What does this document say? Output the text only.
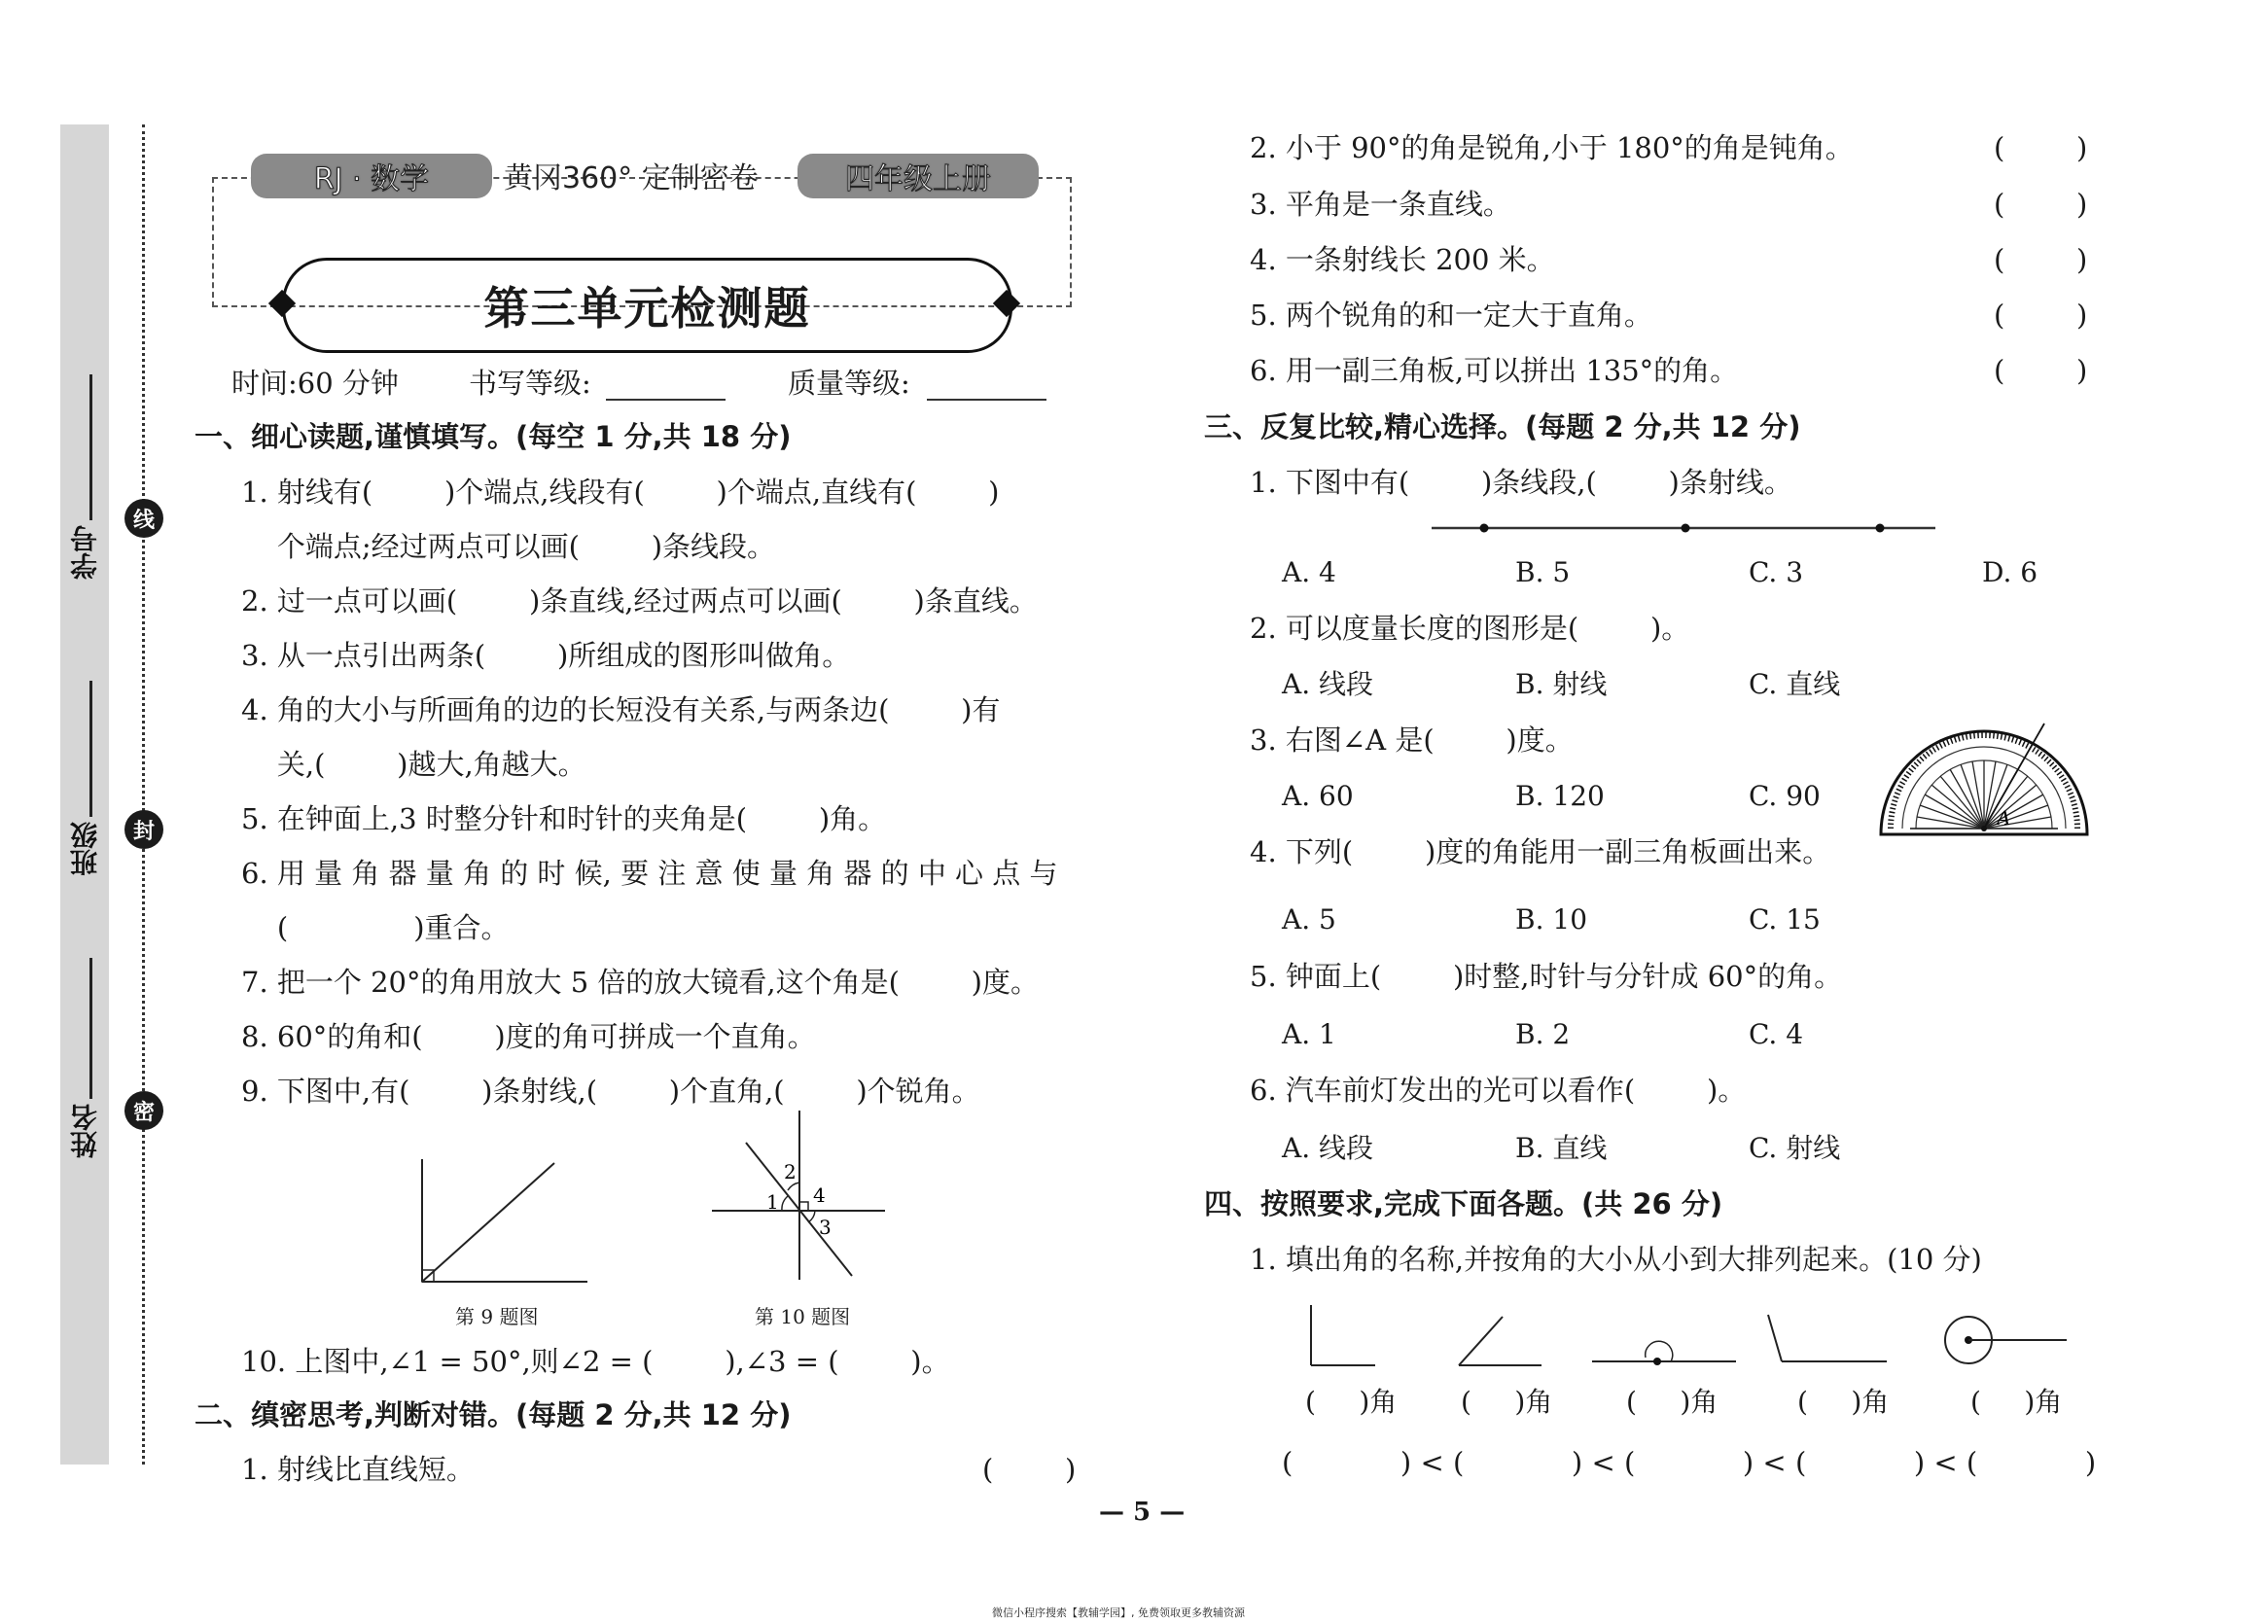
学号
班级
姓名
线
封
密
RJ · 数学	黄冈360° 定制密卷	四年级上册
第三单元检测题
时间:60 分钟 书写等级:	质量等级:
一、细心读题,谨慎填写。(每空 1 分,共 18 分)
1. 射线有(        )个端点,线段有(        )个端点,直线有(        )
个端点;经过两点可以画(        )条线段。
2. 过一点可以画(        )条直线,经过两点可以画(        )条直线。
3. 从一点引出两条(        )所组成的图形叫做角。
4. 角的大小与所画角的边的长短没有关系,与两条边(        )有
关,(        )越大,角越大。
5. 在钟面上,3 时整分针和时针的夹角是(        )角。
6. 用 量 角 器 量 角 的 时 候, 要 注 意 使 量 角 器 的 中 心 点 与
(              )重合。
7. 把一个 20°的角用放大 5 倍的放大镜看,这个角是(        )度。
8. 60°的角和(        )度的角可拼成一个直角。
9. 下图中,有(        )条射线,(        )个直角,(        )个锐角。
第 9 题图
1
2
3
4
第 10 题图
10. 上图中,∠1 = 50°,则∠2 = (        ),∠3 = (        )。
二、缜密思考,判断对错。(每题 2 分,共 12 分)
1. 射线比直线短。	(        )
2. 小于 90°的角是锐角,小于 180°的角是钝角。	(        )
3. 平角是一条直线。	(        )
4. 一条射线长 200 米。	(        )
5. 两个锐角的和一定大于直角。	(        )
6. 用一副三角板,可以拼出 135°的角。	(        )
三、反复比较,精心选择。(每题 2 分,共 12 分)
1. 下图中有(        )条线段,(        )条射线。
A. 4	B. 5	C. 3	D. 6
2. 可以度量长度的图形是(        )。
A. 线段	B. 射线	C. 直线
3. 右图∠A 是(        )度。
A. 60	B. 120	C. 90
A
4. 下列(        )度的角能用一副三角板画出来。
A. 5	B. 10	C. 15
5. 钟面上(        )时整,时针与分针成 60°的角。
A. 1	B. 2	C. 4
6. 汽车前灯发出的光可以看作(        )。
A. 线段	B. 直线	C. 射线
四、按照要求,完成下面各题。(共 26 分)
1. 填出角的名称,并按角的大小从小到大排列起来。(10 分)
(     )角 (     )角	(     )角	(     )角	(     )角
(            ) < (            ) < (            ) < (            ) < (            )
— 5 —
微信小程序搜索【教辅学园】, 免费领取更多教辅资源
